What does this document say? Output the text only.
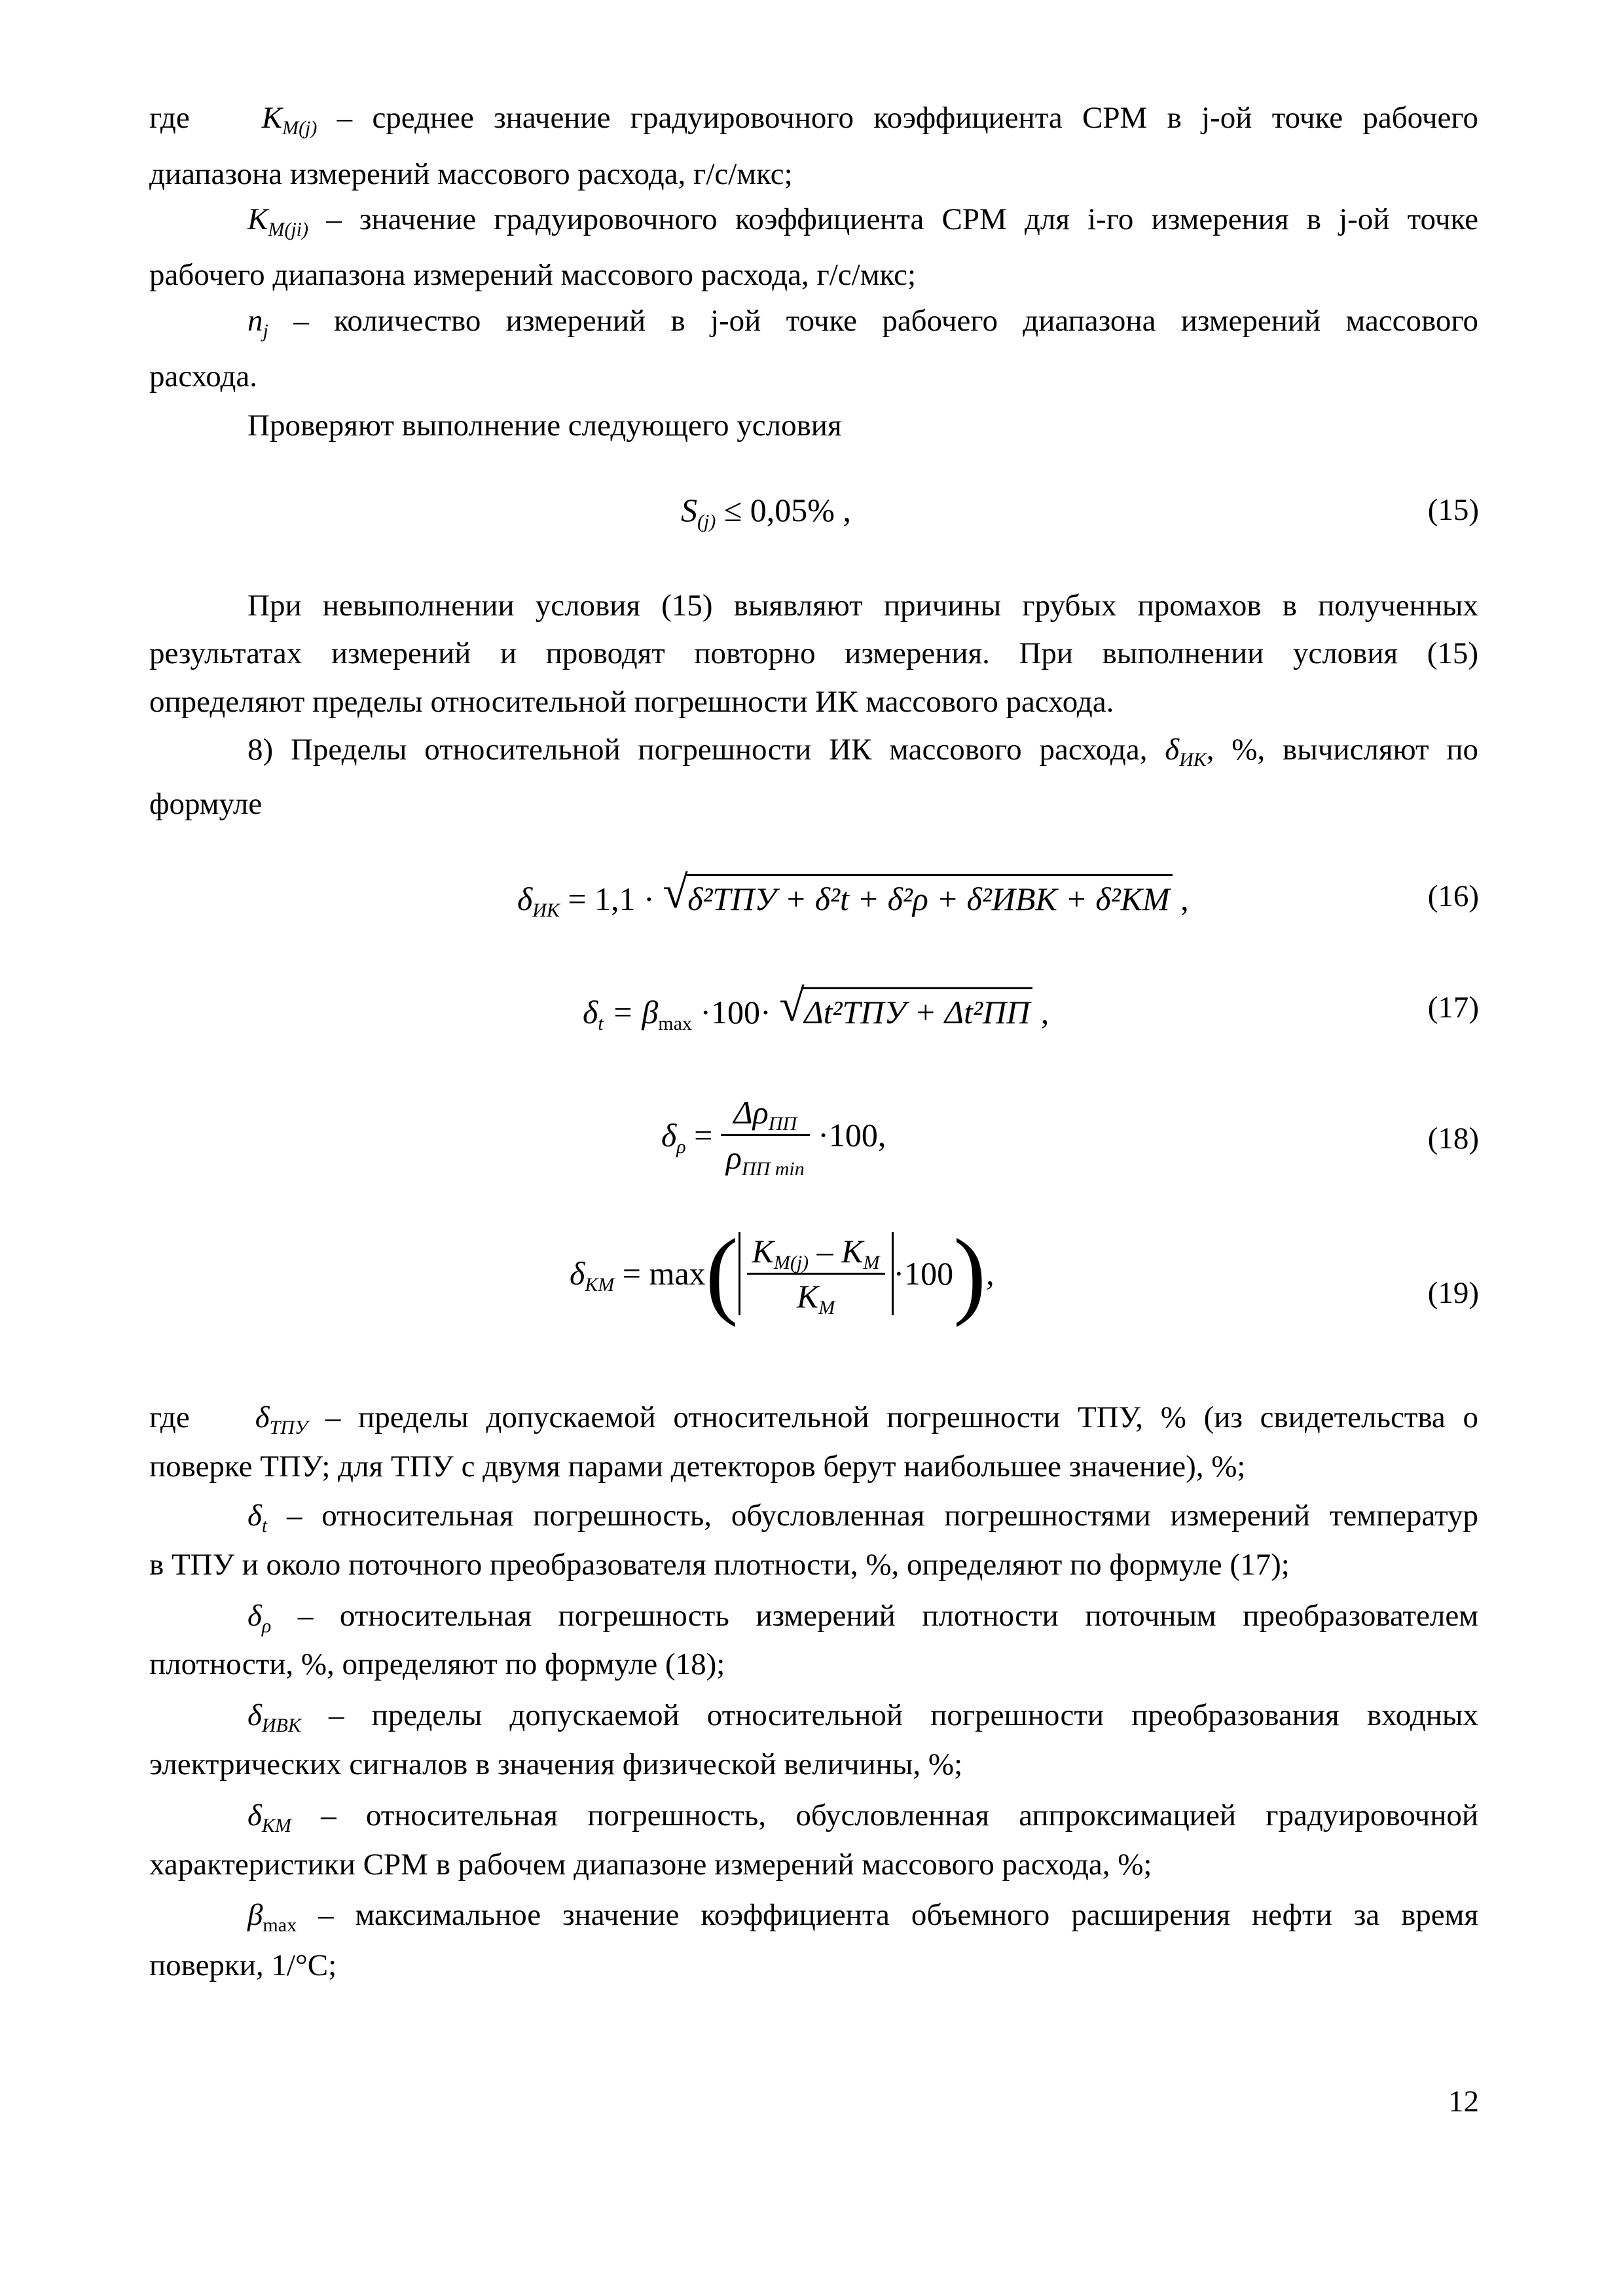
где $K_{M(j)}$ – среднее значение градуировочного коэффициента СРМ в j-ой точке рабочего
диапазона измерений массового расхода, г/с/мкс;
$K_{M(ji)}$ – значение градуировочного коэффициента СРМ для i-го измерения в j-ой точке
рабочего диапазона измерений массового расхода, г/с/мкс;
$n_j$ – количество измерений в j-ой точке рабочего диапазона измерений массового
расхода.
Проверяют выполнение следующего условия
$S_{(j)} \le 0,05\%$ ,	(15)
При невыполнении условия (15) выявляют причины грубых промахов в полученных
результатах измерений и проводят повторно измерения. При выполнении условия (15)
определяют пределы относительной погрешности ИК массового расхода.
8) Пределы относительной погрешности ИК массового расхода, $\delta_{ИК}$, %, вычисляют по
формуле
$\delta_{ИК} = 1,1$ · √ δ²ТПУ + δ²t + δ²ρ + δ²ИВК + δ²KМ ,	(16)
$\delta_t = \beta_{max} \cdot 100\cdot$ √ Δt²ТПУ + Δt²ПП ,	(17)
$\delta_\rho = \frac{\Delta\rho_{ПП}}{\rho_{ПП min}} \cdot 100$,	(18)
$\delta_{KМ} = \max( \frac{K_{M(j)} - K_M}{K_M} \cdot 100)$,
(19)
где $\delta_{ТПУ}$ – пределы допускаемой относительной погрешности ТПУ, % (из свидетельства о
поверке ТПУ; для ТПУ с двумя парами детекторов берут наибольшее значение), %;
$\delta_t$ – относительная погрешность, обусловленная погрешностями измерений температур
в ТПУ и около поточного преобразователя плотности, %, определяют по формуле (17);
$\delta_\rho$ – относительная погрешность измерений плотности поточным преобразователем
плотности, %, определяют по формуле (18);
$\delta_{ИВК}$ – пределы допускаемой относительной погрешности преобразования входных
электрических сигналов в значения физической величины, %;
$\delta_{KМ}$ – относительная погрешность, обусловленная аппроксимацией градуировочной
характеристики СРМ в рабочем диапазоне измерений массового расхода, %;
$\beta_{max}$ – максимальное значение коэффициента объемного расширения нефти за время
поверки, 1/°С;
12
